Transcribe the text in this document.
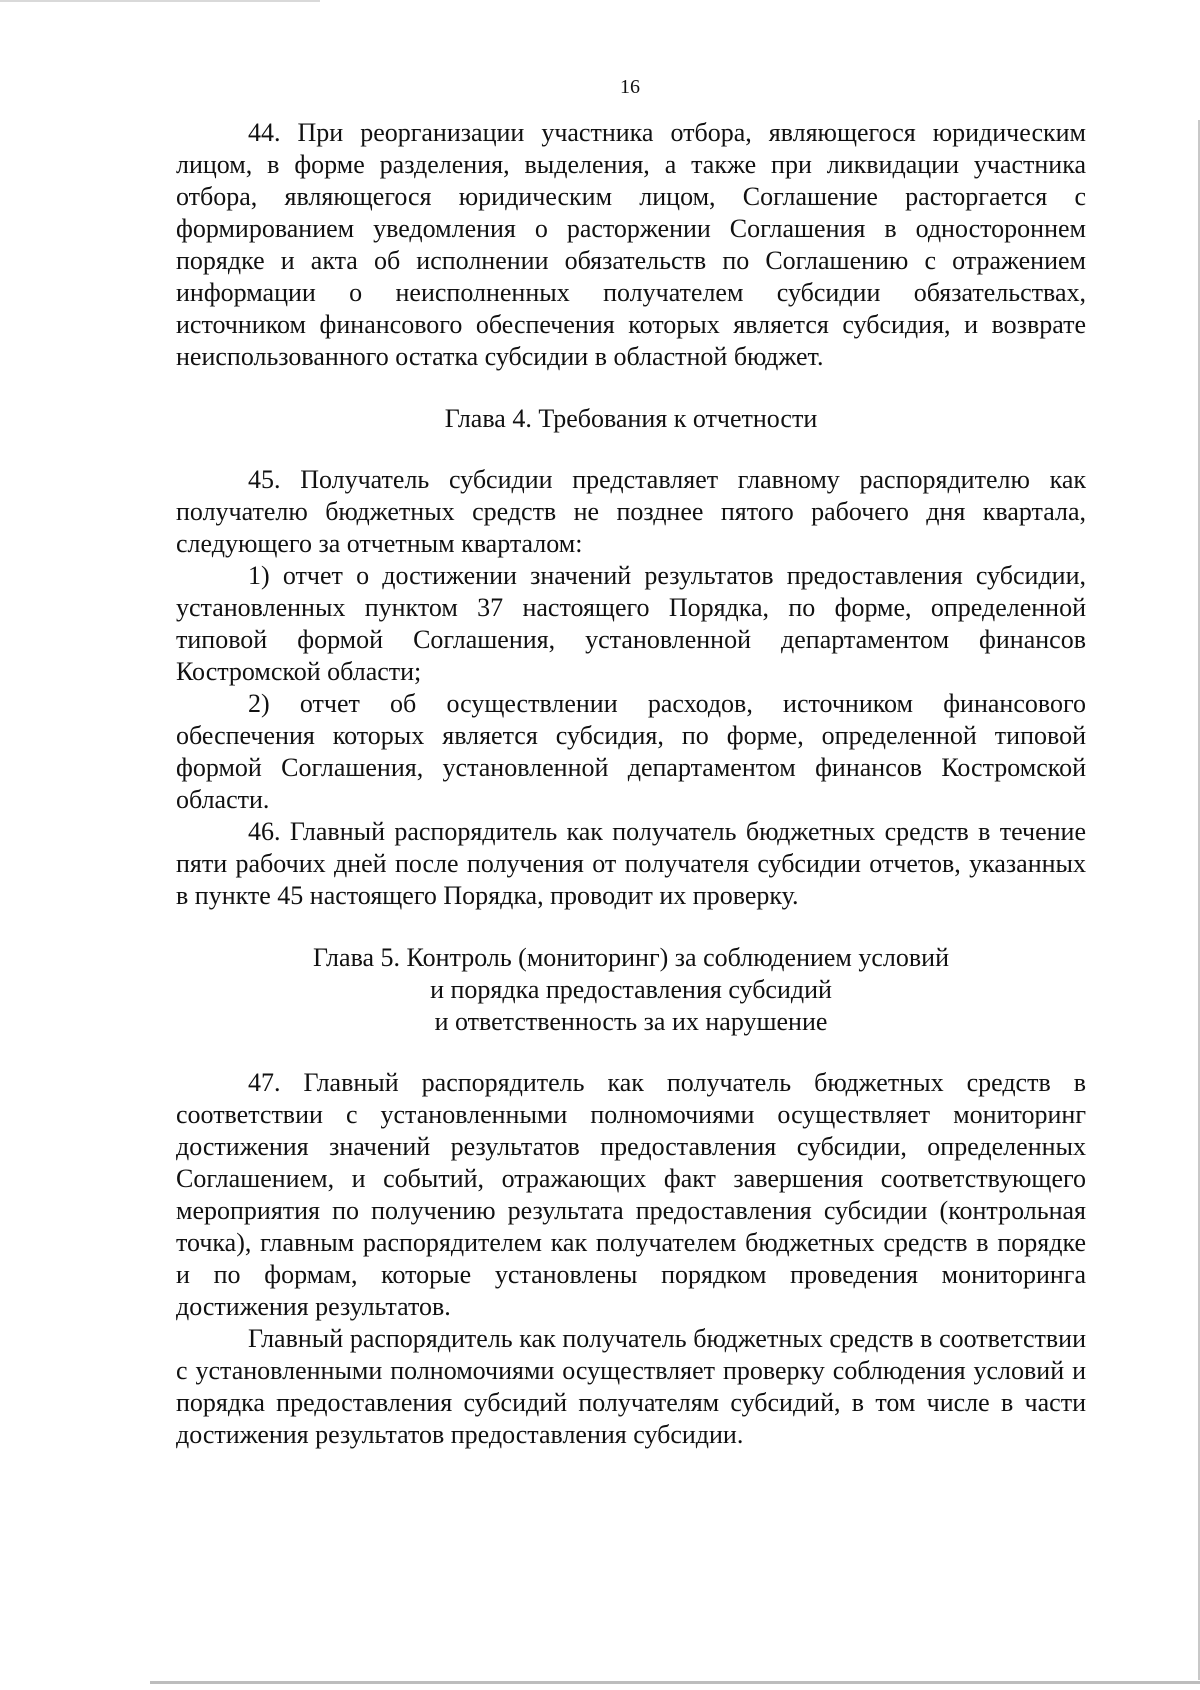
16

44. При реорганизации участника отбора, являющегося юридическим лицом, в форме разделения, выделения, а также при ликвидации участника отбора, являющегося юридическим лицом, Соглашение расторгается с формированием уведомления о расторжении Соглашения в одностороннем порядке и акта об исполнении обязательств по Соглашению с отражением информации о неисполненных получателем субсидии обязательствах, источником финансового обеспечения которых является субсидия, и возврате неиспользованного остатка субсидии в областной бюджет.

Глава 4. Требования к отчетности

45. Получатель субсидии представляет главному распорядителю как получателю бюджетных средств не позднее пятого рабочего дня квартала, следующего за отчетным кварталом:

1) отчет о достижении значений результатов предоставления субсидии, установленных пунктом 37 настоящего Порядка, по форме, определенной типовой формой Соглашения, установленной департаментом финансов Костромской области;

2) отчет об осуществлении расходов, источником финансового обеспечения которых является субсидия, по форме, определенной типовой формой Соглашения, установленной департаментом финансов Костромской области.

46. Главный распорядитель как получатель бюджетных средств в течение пяти рабочих дней после получения от получателя субсидии отчетов, указанных в пункте 45 настоящего Порядка, проводит их проверку.

Глава 5. Контроль (мониторинг) за соблюдением условий
и порядка предоставления субсидий
и ответственность за их нарушение

47. Главный распорядитель как получатель бюджетных средств в соответствии с установленными полномочиями осуществляет мониторинг достижения значений результатов предоставления субсидии, определенных Соглашением, и событий, отражающих факт завершения соответствующего мероприятия по получению результата предоставления субсидии (контрольная точка), главным распорядителем как получателем бюджетных средств в порядке и по формам, которые установлены порядком проведения мониторинга достижения результатов.

Главный распорядитель как получатель бюджетных средств в соответствии с установленными полномочиями осуществляет проверку соблюдения условий и порядка предоставления субсидий получателям субсидий, в том числе в части достижения результатов предоставления субсидии.
